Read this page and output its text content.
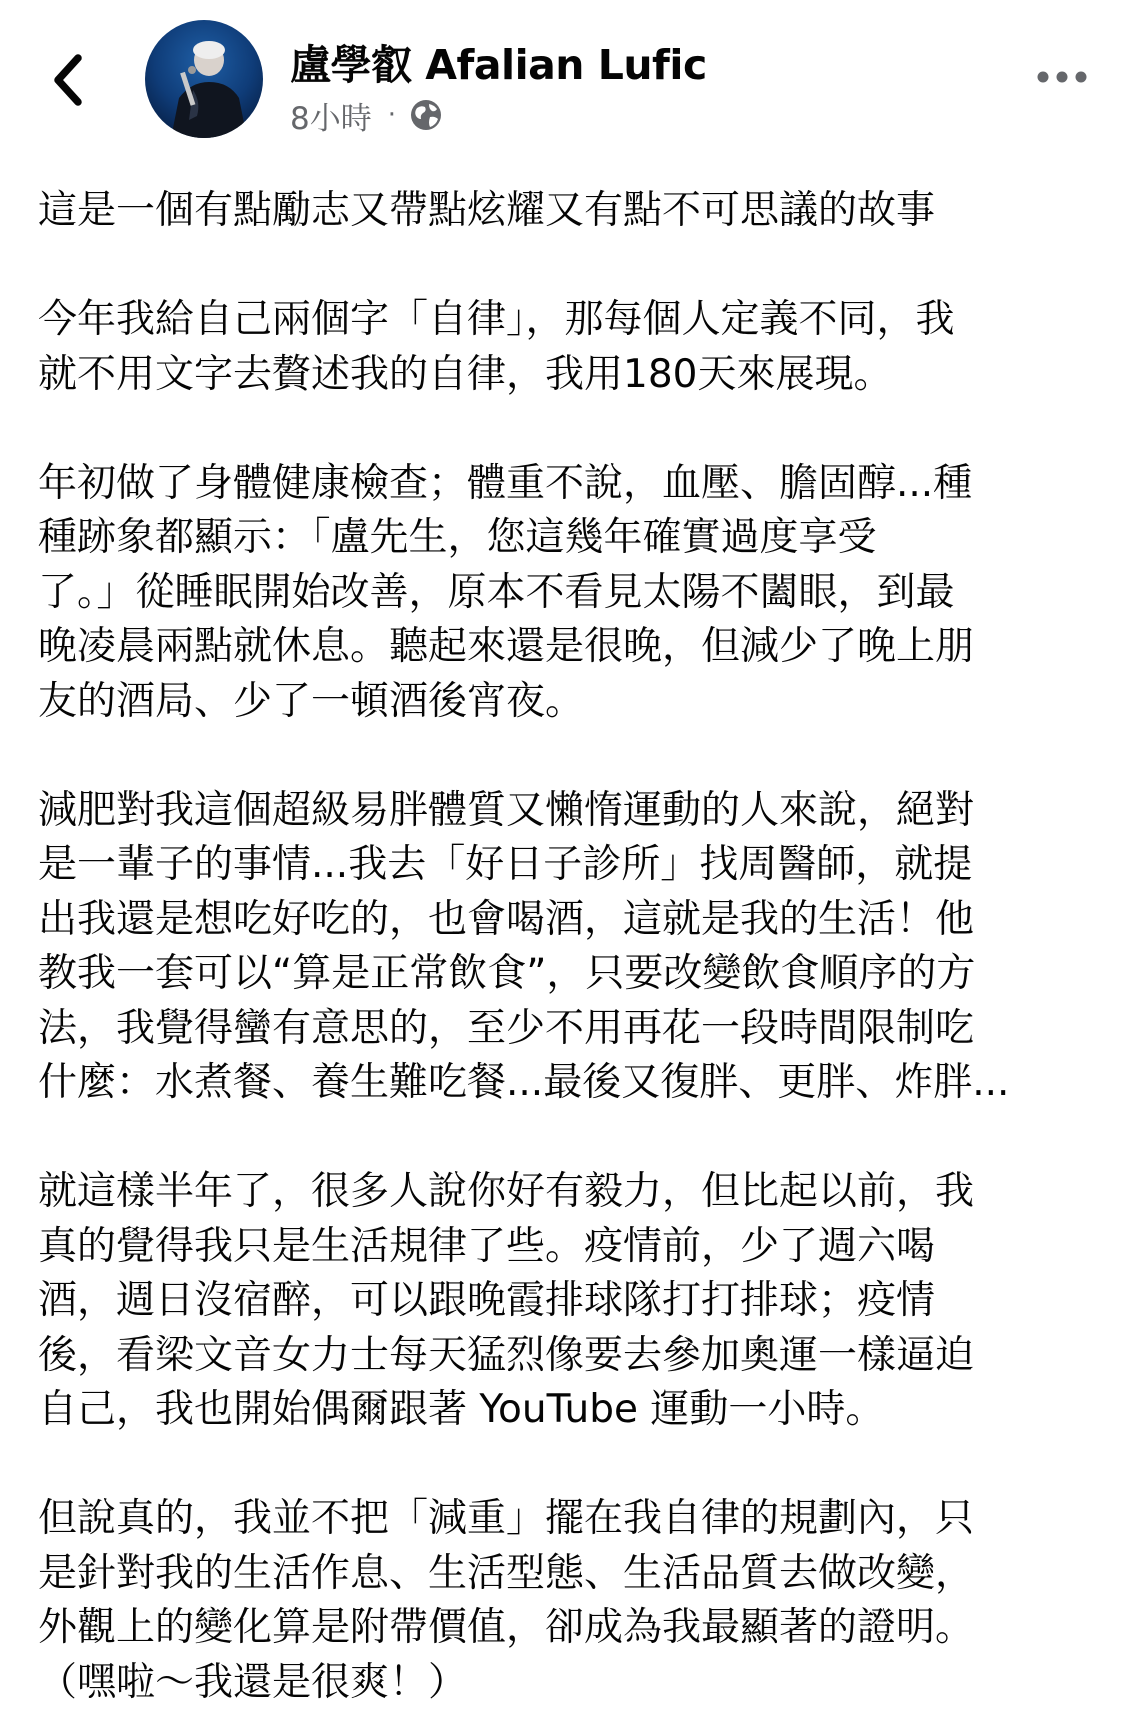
盧學叡 Afalian Lufic
8小時 ·

這是一個有點勵志又帶點炫耀又有點不可思議的故事

今年我給自己兩個字「自律」，那每個人定義不同，我
就不用文字去贅述我的自律，我用180天來展現。

年初做了身體健康檢查；體重不說，血壓、膽固醇...種
種跡象都顯示：「盧先生，您這幾年確實過度享受
了。」從睡眠開始改善，原本不看見太陽不闔眼，到最
晚凌晨兩點就休息。聽起來還是很晚，但減少了晚上朋
友的酒局、少了一頓酒後宵夜。

減肥對我這個超級易胖體質又懶惰運動的人來說，絕對
是一輩子的事情...我去「好日子診所」找周醫師，就提
出我還是想吃好吃的，也會喝酒，這就是我的生活！他
教我一套可以“算是正常飲食”，只要改變飲食順序的方
法，我覺得蠻有意思的，至少不用再花一段時間限制吃
什麼：水煮餐、養生難吃餐...最後又復胖、更胖、炸胖...

就這樣半年了，很多人說你好有毅力，但比起以前，我
真的覺得我只是生活規律了些。疫情前，少了週六喝
酒，週日沒宿醉，可以跟晚霞排球隊打打排球；疫情
後，看梁文音女力士每天猛烈像要去參加奧運一樣逼迫
自己，我也開始偶爾跟著 YouTube 運動一小時。

但說真的，我並不把「減重」擺在我自律的規劃內，只
是針對我的生活作息、生活型態、生活品質去做改變，
外觀上的變化算是附帶價值，卻成為我最顯著的證明。
（嘿啦～我還是很爽！）
